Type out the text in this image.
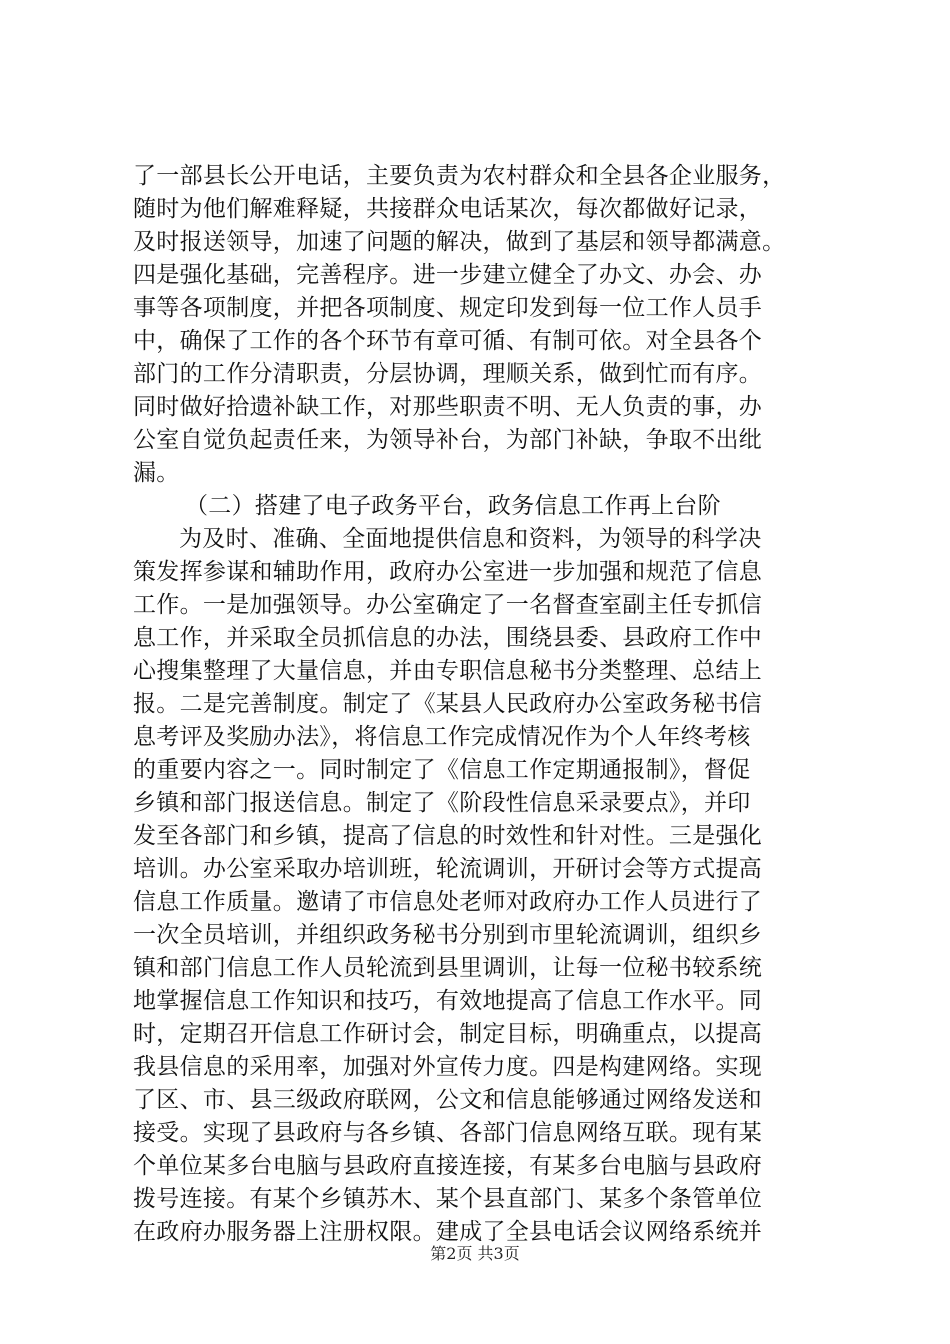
了一部县长公开电话，主要负责为农村群众和全县各企业服务，
随时为他们解难释疑，共接群众电话某次，每次都做好记录，
及时报送领导，加速了问题的解决，做到了基层和领导都满意。
四是强化基础，完善程序。进一步建立健全了办文、办会、办
事等各项制度，并把各项制度、规定印发到每一位工作人员手
中，确保了工作的各个环节有章可循、有制可依。对全县各个
部门的工作分清职责，分层协调，理顺关系，做到忙而有序。
同时做好拾遗补缺工作，对那些职责不明、无人负责的事，办
公室自觉负起责任来，为领导补台，为部门补缺，争取不出纰
漏。
（二）搭建了电子政务平台，政务信息工作再上台阶
为及时、准确、全面地提供信息和资料，为领导的科学决
策发挥参谋和辅助作用，政府办公室进一步加强和规范了信息
工作。一是加强领导。办公室确定了一名督查室副主任专抓信
息工作，并采取全员抓信息的办法，围绕县委、县政府工作中
心搜集整理了大量信息，并由专职信息秘书分类整理、总结上
报。二是完善制度。制定了《某县人民政府办公室政务秘书信
息考评及奖励办法》，将信息工作完成情况作为个人年终考核
的重要内容之一。同时制定了《信息工作定期通报制》，督促
乡镇和部门报送信息。制定了《阶段性信息采录要点》，并印
发至各部门和乡镇，提高了信息的时效性和针对性。三是强化
培训。办公室采取办培训班，轮流调训，开研讨会等方式提高
信息工作质量。邀请了市信息处老师对政府办工作人员进行了
一次全员培训，并组织政务秘书分别到市里轮流调训，组织乡
镇和部门信息工作人员轮流到县里调训，让每一位秘书较系统
地掌握信息工作知识和技巧，有效地提高了信息工作水平。同
时，定期召开信息工作研讨会，制定目标，明确重点，以提高
我县信息的采用率，加强对外宣传力度。四是构建网络。实现
了区、市、县三级政府联网，公文和信息能够通过网络发送和
接受。实现了县政府与各乡镇、各部门信息网络互联。现有某
个单位某多台电脑与县政府直接连接，有某多台电脑与县政府
拨号连接。有某个乡镇苏木、某个县直部门、某多个条管单位
在政府办服务器上注册权限。建成了全县电话会议网络系统并
第2页 共3页
